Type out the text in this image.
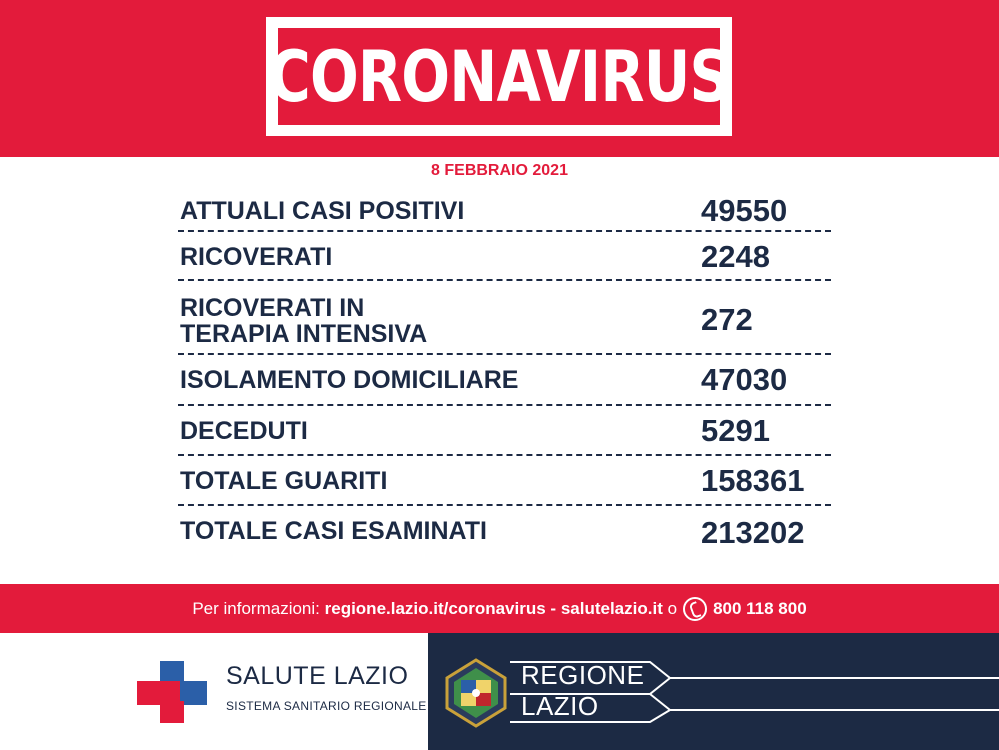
CORONAVIRUS
8 FEBBRAIO 2021
ATTUALI CASI POSITIVI	49550
RICOVERATI	2248
RICOVERATI IN
TERAPIA INTENSIVA	272
ISOLAMENTO DOMICILIARE	47030
DECEDUTI	5291
TOTALE GUARITI	158361
TOTALE CASI ESAMINATI	213202
Per informazioni:
regione.lazio.it/coronavirus
-
salutelazio.it
o 800 118 800
SALUTE LAZIO
SISTEMA SANITARIO REGIONALE
REGIONE
LAZIO
